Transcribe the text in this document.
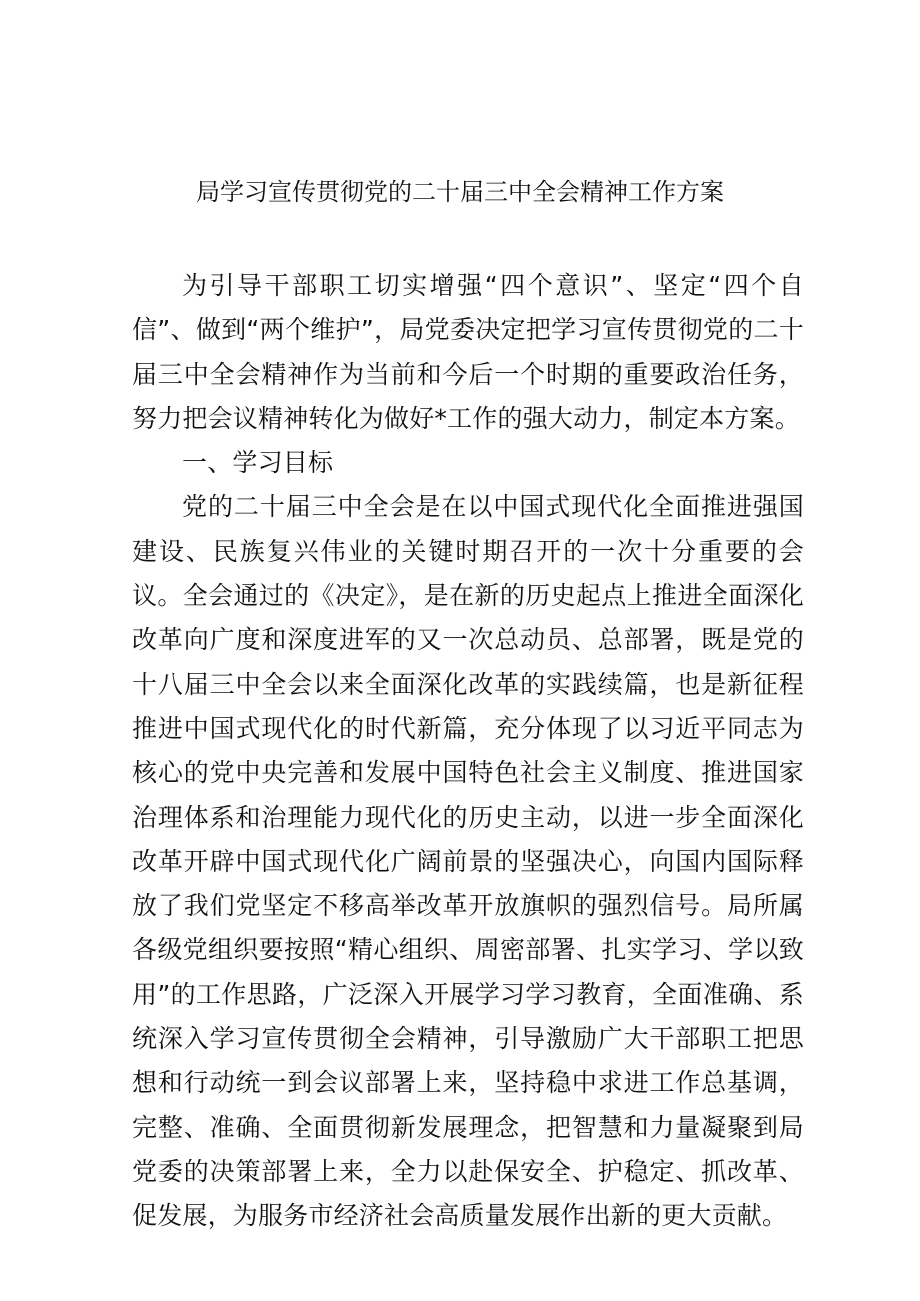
局学习宣传贯彻党的二十届三中全会精神工作方案

为引导干部职工切实增强“四个意识”、坚定“四个自信”、做到“两个维护”，局党委决定把学习宣传贯彻党的二十届三中全会精神作为当前和今后一个时期的重要政治任务，努力把会议精神转化为做好*工作的强大动力，制定本方案。

一、学习目标

党的二十届三中全会是在以中国式现代化全面推进强国建设、民族复兴伟业的关键时期召开的一次十分重要的会议。全会通过的《决定》，是在新的历史起点上推进全面深化改革向广度和深度进军的又一次总动员、总部署，既是党的十八届三中全会以来全面深化改革的实践续篇，也是新征程推进中国式现代化的时代新篇，充分体现了以习近平同志为核心的党中央完善和发展中国特色社会主义制度、推进国家治理体系和治理能力现代化的历史主动，以进一步全面深化改革开辟中国式现代化广阔前景的坚强决心，向国内国际释放了我们党坚定不移高举改革开放旗帜的强烈信号。局所属各级党组织要按照“精心组织、周密部署、扎实学习、学以致用”的工作思路，广泛深入开展学习学习教育，全面准确、系统深入学习宣传贯彻全会精神，引导激励广大干部职工把思想和行动统一到会议部署上来，坚持稳中求进工作总基调，完整、准确、全面贯彻新发展理念，把智慧和力量凝聚到局党委的决策部署上来，全力以赴保安全、护稳定、抓改革、促发展，为服务市经济社会高质量发展作出新的更大贡献。
